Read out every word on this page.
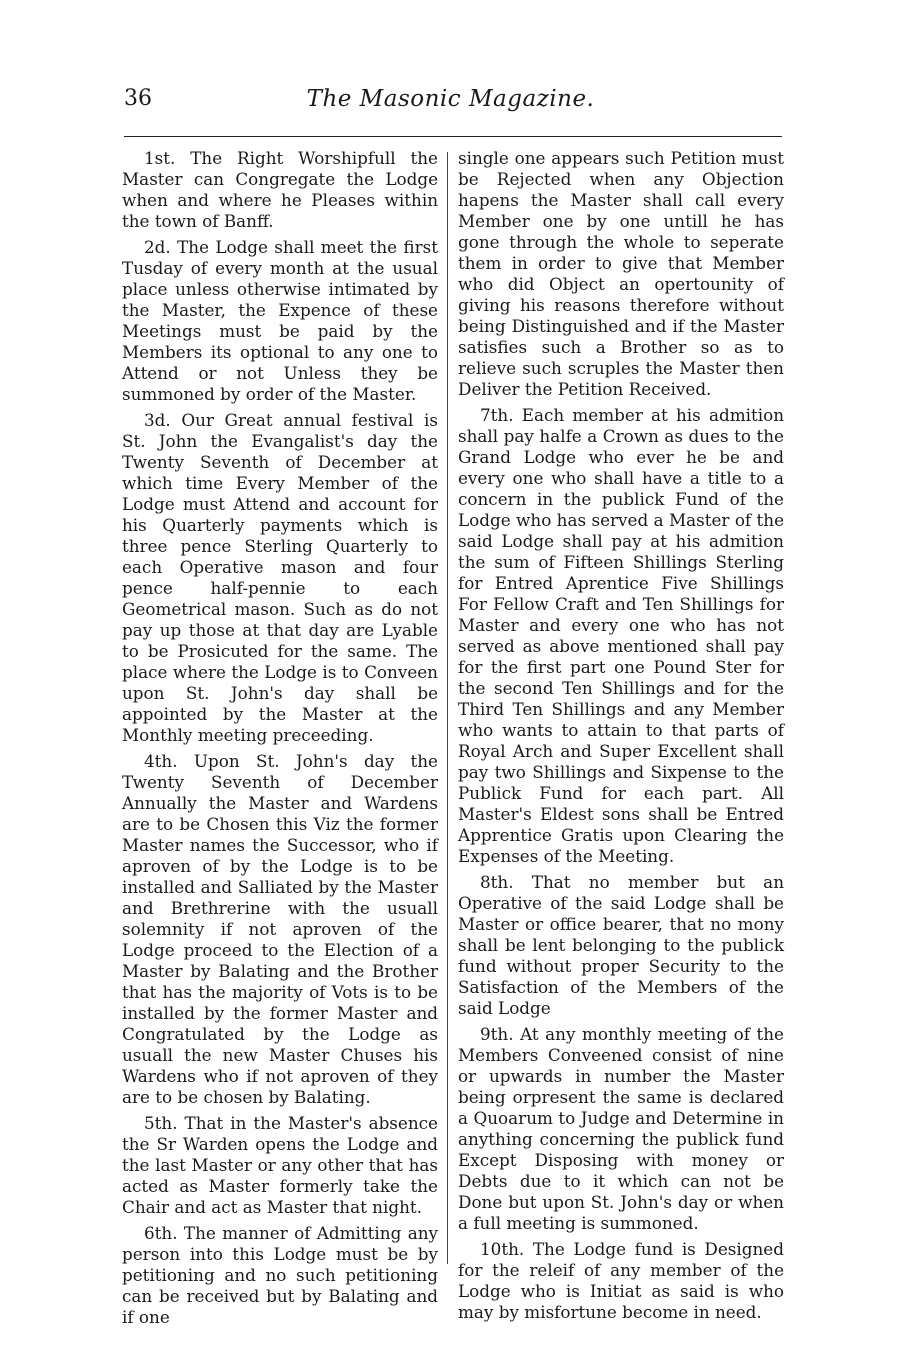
36	The Masonic Magazine.

1st. The Right Worshipfull the Master can Congregate the Lodge when and where he Pleases within the town of Banff.

2d. The Lodge shall meet the first Tusday of every month at the usual place unless otherwise intimated by the Master, the Expence of these Meetings must be paid by the Members its optional to any one to Attend or not Unless they be summoned by order of the Master.

3d. Our Great annual festival is St. John the Evangalist's day the Twenty Seventh of December at which time Every Member of the Lodge must Attend and account for his Quarterly payments which is three pence Sterling Quarterly to each Operative mason and four pence half-pennie to each Geometrical mason. Such as do not pay up those at that day are Lyable to be Prosicuted for the same. The place where the Lodge is to Conveen upon St. John's day shall be appointed by the Master at the Monthly meeting preceeding.

4th. Upon St. John's day the Twenty Seventh of December Annually the Master and Wardens are to be Chosen this Viz the former Master names the Successor, who if aproven of by the Lodge is to be installed and Salliated by the Master and Brethrerine with the usuall solemnity if not aproven of the Lodge proceed to the Election of a Master by Balating and the Brother that has the majority of Vots is to be installed by the former Master and Congratulated by the Lodge as usuall the new Master Chuses his Wardens who if not aproven of they are to be chosen by Balating.

5th. That in the Master's absence the Sr Warden opens the Lodge and the last Master or any other that has acted as Master formerly take the Chair and act as Master that night.

6th. The manner of Admitting any person into this Lodge must be by petitioning and no such petitioning can be received but by Balating and if one

single one appears such Petition must be Rejected when any Objection hapens the Master shall call every Member one by one untill he has gone through the whole to seperate them in order to give that Member who did Object an opertounity of giving his reasons therefore without being Distinguished and if the Master satisfies such a Brother so as to relieve such scruples the Master then Deliver the Petition Received.

7th. Each member at his admition shall pay halfe a Crown as dues to the Grand Lodge who ever he be and every one who shall have a title to a concern in the publick Fund of the Lodge who has served a Master of the said Lodge shall pay at his admition the sum of Fifteen Shillings Sterling for Entred Aprentice Five Shillings For Fellow Craft and Ten Shillings for Master and every one who has not served as above mentioned shall pay for the first part one Pound Ster for the second Ten Shillings and for the Third Ten Shillings and any Member who wants to attain to that parts of Royal Arch and Super Excellent shall pay two Shillings and Sixpense to the Publick Fund for each part. All Master's Eldest sons shall be Entred Apprentice Gratis upon Clearing the Expenses of the Meeting.

8th. That no member but an Operative of the said Lodge shall be Master or office bearer, that no mony shall be lent belonging to the publick fund without proper Security to the Satisfaction of the Members of the said Lodge

9th. At any monthly meeting of the Members Conveened consist of nine or upwards in number the Master being orpresent the same is declared a Quoarum to Judge and Determine in anything concerning the publick fund Except Disposing with money or Debts due to it which can not be Done but upon St. John's day or when a full meeting is summoned.

10th. The Lodge fund is Designed for the releif of any member of the Lodge who is Initiat as said is who may by misfortune become in need.
